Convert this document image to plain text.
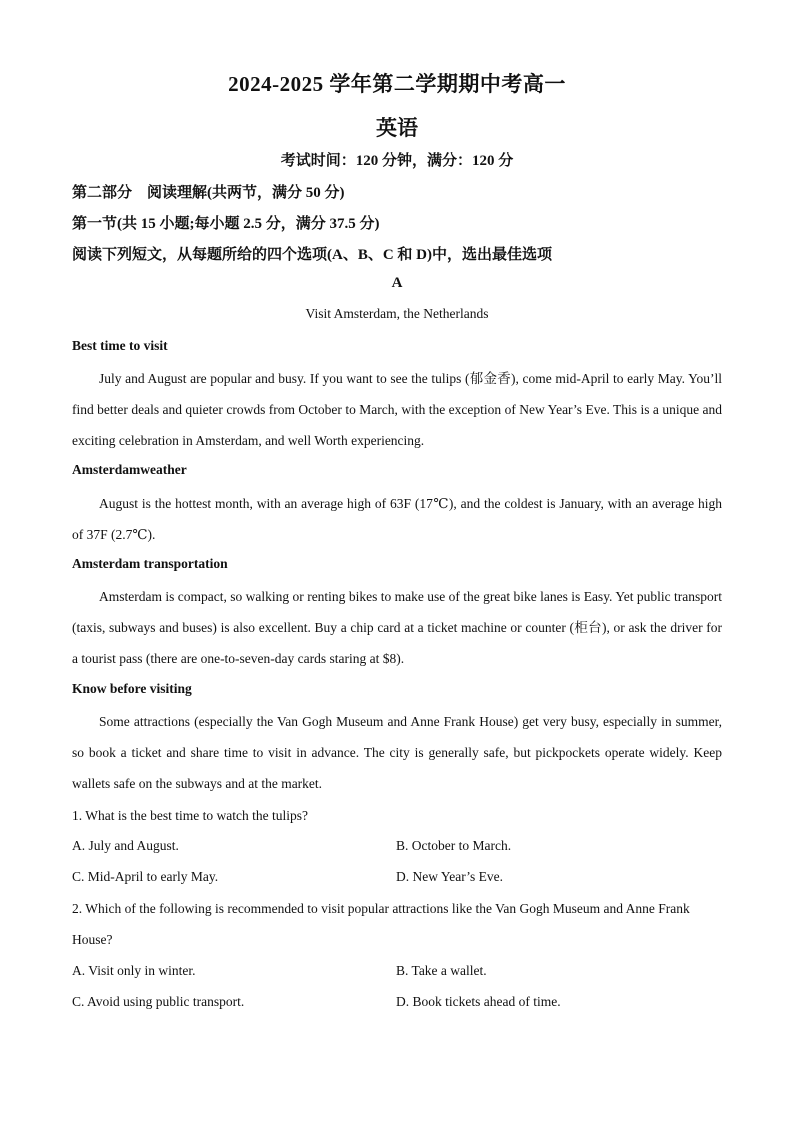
2024-2025 学年第二学期期中考高一
英语
考试时间：120 分钟，满分：120 分
第二部分　阅读理解(共两节，满分 50 分)
第一节(共 15 小题;每小题 2.5 分，满分 37.5 分)
阅读下列短文，从每题所给的四个选项(A、B、C 和 D)中，选出最佳选项
A
Visit Amsterdam, the Netherlands
Best time to visit
July and August are popular and busy. If you want to see the tulips (郁金香), come mid-April to early May. You’ll find better deals and quieter crowds from October to March, with the exception of New Year’s Eve. This is a unique and exciting celebration in Amsterdam, and well Worth experiencing.
Amsterdamweather
August is the hottest month, with an average high of 63F (17℃), and the coldest is January, with an average high of 37F (2.7℃).
Amsterdam transportation
Amsterdam is compact, so walking or renting bikes to make use of the great bike lanes is Easy. Yet public transport (taxis, subways and buses) is also excellent. Buy a chip card at a ticket machine or counter (柜台), or ask the driver for a tourist pass (there are one-to-seven-day cards staring at $8).
Know before visiting
Some attractions (especially the Van Gogh Museum and Anne Frank House) get very busy, especially in summer, so book a ticket and share time to visit in advance. The city is generally safe, but pickpockets operate widely. Keep wallets safe on the subways and at the market.
1. What is the best time to watch the tulips?
A. July and August.	B. October to March.
C. Mid-April to early May.	D. New Year’s Eve.
2. Which of the following is recommended to visit popular attractions like the Van Gogh Museum and Anne Frank House?
A. Visit only in winter.	B. Take a wallet.
C. Avoid using public transport.	D. Book tickets ahead of time.
